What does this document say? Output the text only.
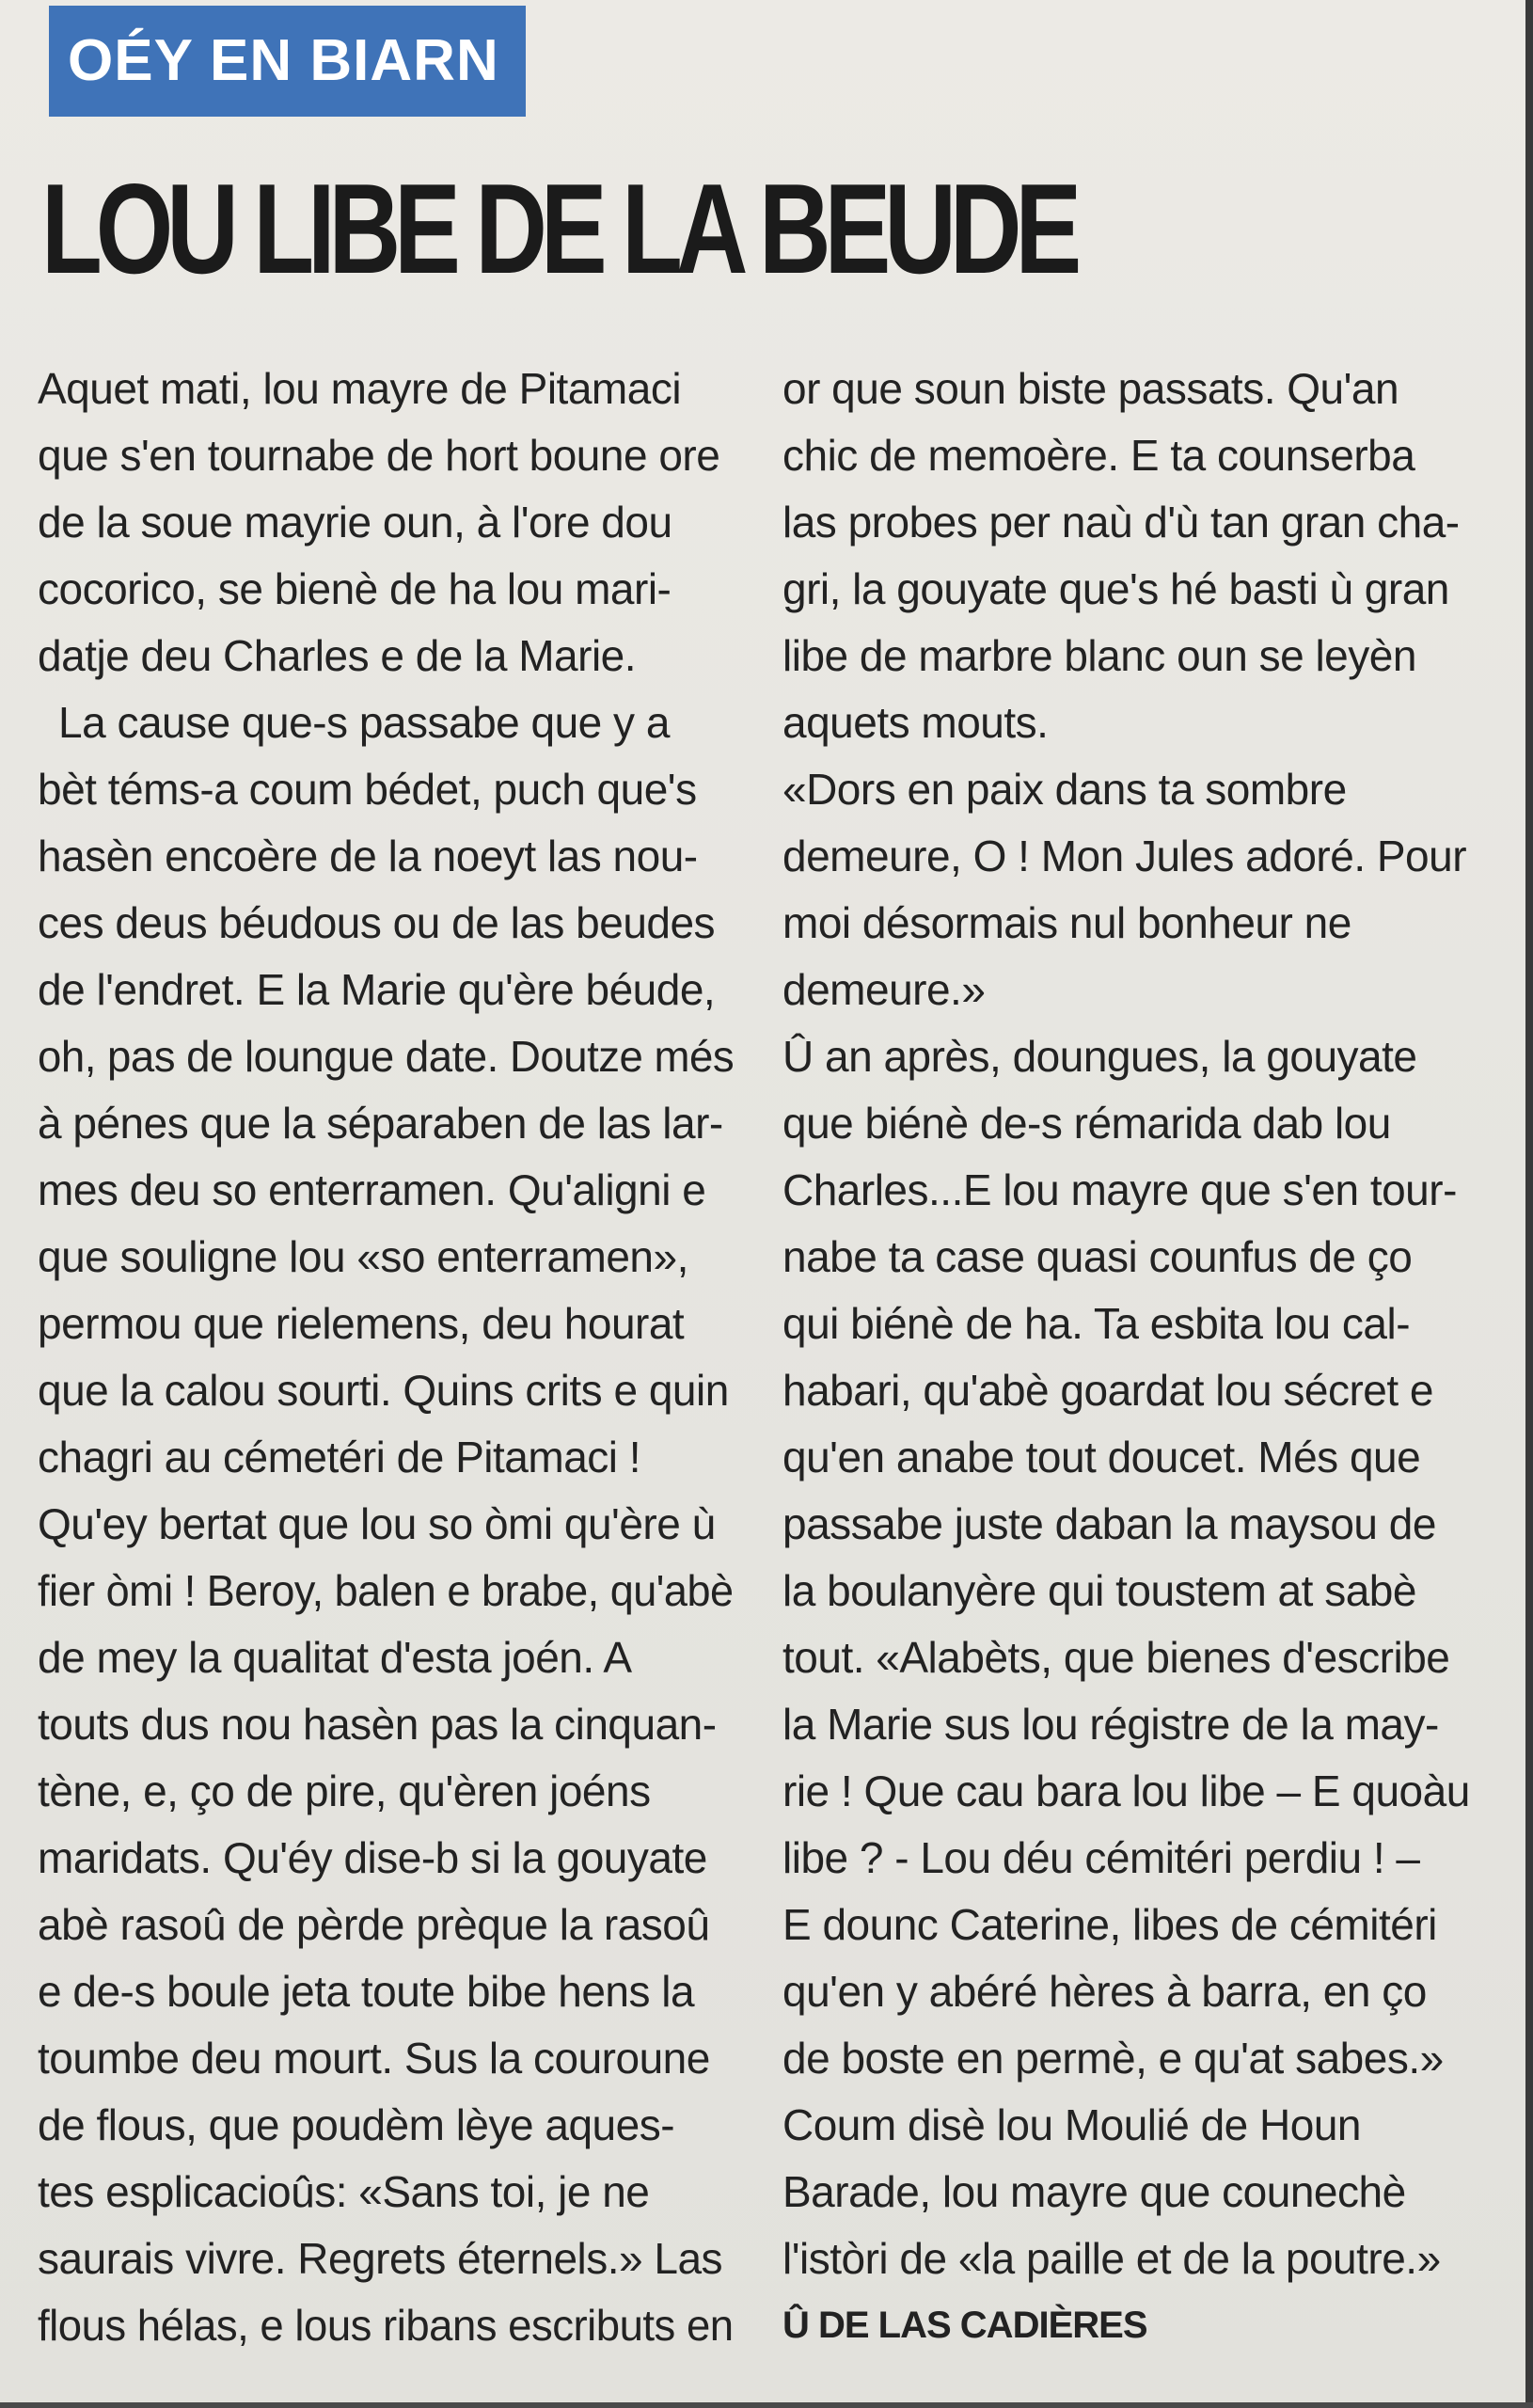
OÉY EN BIARN
LOU LIBE DE LA BEUDE
Aquet mati, lou mayre de Pitamaci
que s'en tournabe de hort boune ore
de la soue mayrie oun, à l'ore dou
cocorico, se bienè de ha lou mari-
datje deu Charles e de la Marie.
La cause que-s passabe que y a
bèt téms-a coum bédet, puch que's
hasèn encoère de la noeyt las nou-
ces deus béudous ou de las beudes
de l'endret. E la Marie qu'ère béude,
oh, pas de loungue date. Doutze més
à pénes que la séparaben de las lar-
mes deu so enterramen. Qu'aligni e
que souligne lou «so enterramen»,
permou que rielemens, deu hourat
que la calou sourti. Quins crits e quin
chagri au cémetéri de Pitamaci !
Qu'ey bertat que lou so òmi qu'ère ù
fier òmi ! Beroy, balen e brabe, qu'abè
de mey la qualitat d'esta joén. A
touts dus nou hasèn pas la cinquan-
tène, e, ço de pire, qu'èren joéns
maridats. Qu'éy dise-b si la gouyate
abè rasoû de pèrde prèque la rasoû
e de-s boule jeta toute bibe hens la
toumbe deu mourt. Sus la couroune
de flous, que poudèm lèye aques-
tes esplicacioûs: «Sans toi, je ne
saurais vivre. Regrets éternels.» Las
flous hélas, e lous ribans escributs en
or que soun biste passats. Qu'an
chic de memoère. E ta counserba
las probes per naù d'ù tan gran cha-
gri, la gouyate que's hé basti ù gran
libe de marbre blanc oun se leyèn
aquets mouts.
«Dors en paix dans ta sombre
demeure, O ! Mon Jules adoré. Pour
moi désormais nul bonheur ne
demeure.»
Û an après, doungues, la gouyate
que biénè de-s rémarida dab lou
Charles...E lou mayre que s'en tour-
nabe ta case quasi counfus de ço
qui biénè de ha. Ta esbita lou cal-
habari, qu'abè goardat lou sécret e
qu'en anabe tout doucet. Més que
passabe juste daban la maysou de
la boulanyère qui toustem at sabè
tout. «Alabèts, que bienes d'escribe
la Marie sus lou régistre de la may-
rie ! Que cau bara lou libe – E quoàu
libe ? - Lou déu cémitéri perdiu ! –
E dounc Caterine, libes de cémitéri
qu'en y abéré hères à barra, en ço
de boste en permè, e qu'at sabes.»
Coum disè lou Moulié de Houn
Barade, lou mayre que counechè
l'istòri de «la paille et de la poutre.»
Û DE LAS CADIÈRES
